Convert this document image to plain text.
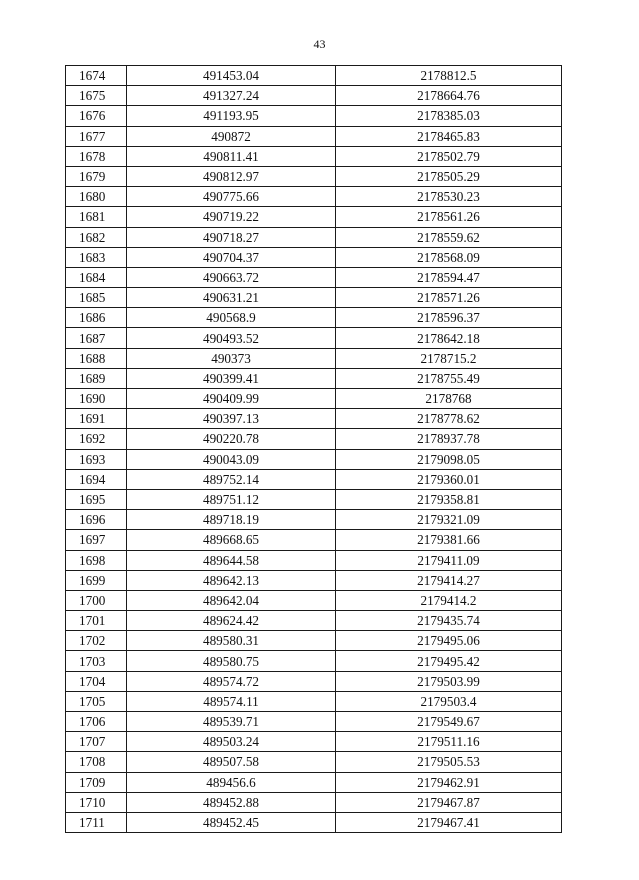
43
1674	491453.04	2178812.5
1675	491327.24	2178664.76
1676	491193.95	2178385.03
1677	490872	2178465.83
1678	490811.41	2178502.79
1679	490812.97	2178505.29
1680	490775.66	2178530.23
1681	490719.22	2178561.26
1682	490718.27	2178559.62
1683	490704.37	2178568.09
1684	490663.72	2178594.47
1685	490631.21	2178571.26
1686	490568.9	2178596.37
1687	490493.52	2178642.18
1688	490373	2178715.2
1689	490399.41	2178755.49
1690	490409.99	2178768
1691	490397.13	2178778.62
1692	490220.78	2178937.78
1693	490043.09	2179098.05
1694	489752.14	2179360.01
1695	489751.12	2179358.81
1696	489718.19	2179321.09
1697	489668.65	2179381.66
1698	489644.58	2179411.09
1699	489642.13	2179414.27
1700	489642.04	2179414.2
1701	489624.42	2179435.74
1702	489580.31	2179495.06
1703	489580.75	2179495.42
1704	489574.72	2179503.99
1705	489574.11	2179503.4
1706	489539.71	2179549.67
1707	489503.24	2179511.16
1708	489507.58	2179505.53
1709	489456.6	2179462.91
1710	489452.88	2179467.87
1711	489452.45	2179467.41
